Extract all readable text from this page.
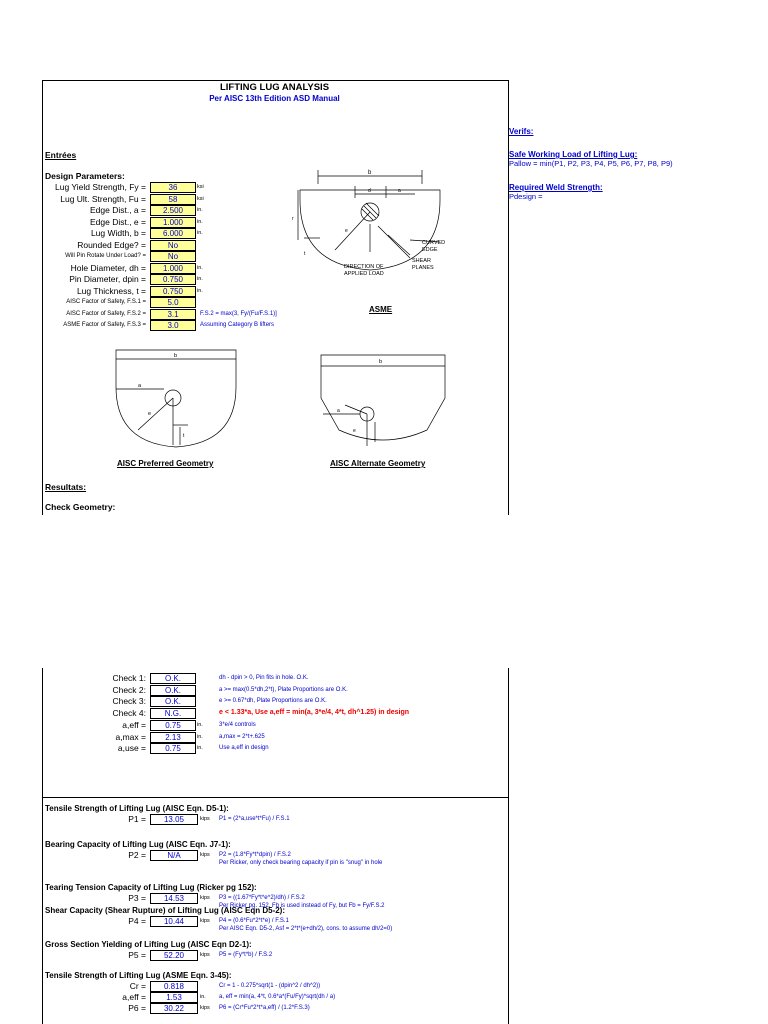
LIFTING LUG ANALYSIS
Per AISC 13th Edition ASD Manual
Entrées
Design Parameters:
Lug Yield Strength, Fy =	36	ksi
Lug Ult. Strength, Fu =	58	ksi
Edge Dist., a =	2.500	in.
Edge Dist., e =	1.000	in.
Lug Width, b =	6.000	in.
Rounded Edge? =	No
Will Pin Rotate Under Load? =	No
Hole Diameter, dh =	1.000	in.
Pin Diameter, dpin =	0.750	in.
Lug Thickness, t =	0.750	in.
AISC Factor of Safety, F.S.1 =	5.0
AISC Factor of Safety, F.S.2 =	3.1	F.S.2 = max(3, Fy/(Fu/F.S.1)]
ASME Factor of Safety, F.S.3 =	3.0	Assuming Category B lifters
b
d	a
e
r
t
CURVED
EDGE
SHEAR
PLANES
DIRECTION OF
APPLIED LOAD
ASME
b
a
e
t
AISC Preferred Geometry
b
a
e
AISC Alternate Geometry
Resultats:
Check Geometry:
Verifs:
Safe Working Load of Lifting Lug:
Pallow = min(P1, P2, P3, P4, P5, P6, P7, P8, P9)
Required Weld Strength:
Pdesign =
Check 1:	O.K.	dh - dpin > 0, Pin fits in hole. O.K.
Check 2:	O.K.	a >= max(0.5*dh,2*t), Plate Proportions are O.K.
Check 3:	O.K.	e >= 0.67*dh, Plate Proportions are O.K.
Check 4:	N.G.	e < 1.33*a, Use a,eff = min(a, 3*e/4, 4*t, dh^1.25) in design
a,eff =	0.75	in.	3*e/4 controls
a,max =	2.13	in.	a,max = 2*t+.625
a,use =	0.75	in.	Use a,eff in design
Tensile Strength of Lifting Lug (AISC Eqn. D5-1):
P1 =	13.05	kips P1 = (2*a,use*t*Fu) / F.S.1
Bearing Capacity of Lifting Lug (AISC Eqn. J7-1):
P2 =	N/A	kips P2 = (1.8*Fy*t*dpin) / F.S.2
Per Ricker, only check bearing capacity if pin is "snug" in hole
Tearing Tension Capacity of Lifting Lug (Ricker pg 152):
P3 =	14.53	kips P3 = ((1.67*Fy*t*e^2)/dh) / F.S.2
Per Ricker pg. 152, Fb is used instead of Fy, but Fb = Fy/F.S.2
Shear Capacity (Shear Rupture) of Lifting Lug (AISC Eqn D5-2):
P4 =	10.44	kips P4 = (0.6*Fu*2*t*e) / F.S.1
Per AISC Eqn. D5-2, Asf = 2*t*(e+dh/2), cons. to assume dh/2=0)
Gross Section Yielding of Lifting Lug (AISC Eqn D2-1):
P5 =	52.20	kips P5 = (Fy*t*b) / F.S.2
Tensile Strength of Lifting Lug (ASME Eqn. 3-45):
Cr =	0.818	Cr = 1 - 0.275*sqrt(1 - (dpin^2 / dh^2))
a,eff =	1.53	in. a, eff = min(a, 4*t, 0.6*a*(Fu/Fy)*sqrt(dh / a)
P6 =	30.22	kips P6 = (Cr*Fu*2*t*a,eff) / (1.2*F.S.3)
